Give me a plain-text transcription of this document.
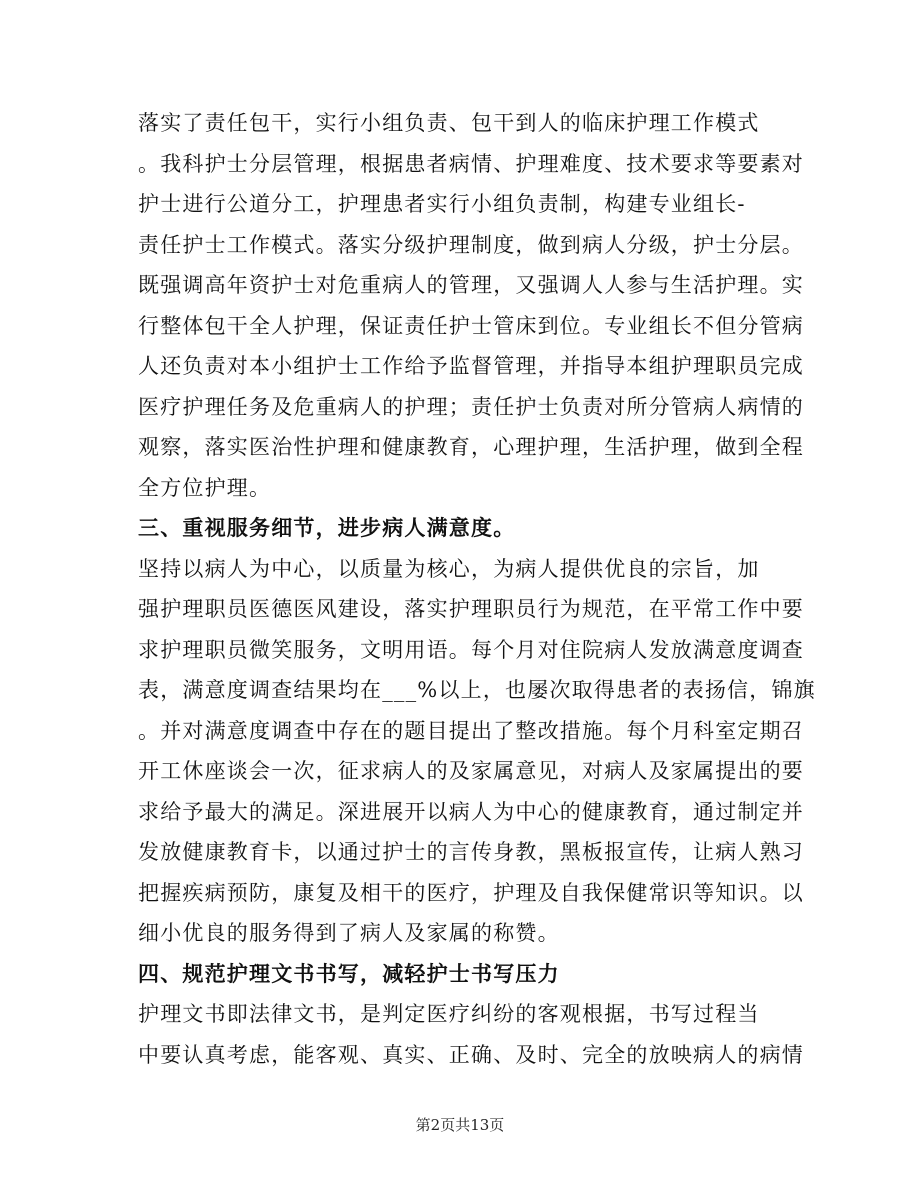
落实了责任包干，实行小组负责、包干到人的临床护理工作模式
。我科护士分层管理，根据患者病情、护理难度、技术要求等要素对
护士进行公道分工，护理患者实行小组负责制，构建专业组长-
责任护士工作模式。落实分级护理制度，做到病人分级，护士分层。
既强调高年资护士对危重病人的管理，又强调人人参与生活护理。实
行整体包干全人护理，保证责任护士管床到位。专业组长不但分管病
人还负责对本小组护士工作给予监督管理，并指导本组护理职员完成
医疗护理任务及危重病人的护理；责任护士负责对所分管病人病情的
观察，落实医治性护理和健康教育，心理护理，生活护理，做到全程
全方位护理。
三、重视服务细节，进步病人满意度。
坚持以病人为中心，以质量为核心，为病人提供优良的宗旨，加
强护理职员医德医风建设，落实护理职员行为规范，在平常工作中要
求护理职员微笑服务，文明用语。每个月对住院病人发放满意度调查
表，满意度调查结果均在___%以上，也屡次取得患者的表扬信，锦旗
。并对满意度调查中存在的题目提出了整改措施。每个月科室定期召
开工休座谈会一次，征求病人的及家属意见，对病人及家属提出的要
求给予最大的满足。深进展开以病人为中心的健康教育，通过制定并
发放健康教育卡，以通过护士的言传身教，黑板报宣传，让病人熟习
把握疾病预防，康复及相干的医疗，护理及自我保健常识等知识。以
细小优良的服务得到了病人及家属的称赞。
四、规范护理文书书写，减轻护士书写压力
护理文书即法律文书，是判定医疗纠纷的客观根据，书写过程当
中要认真考虑，能客观、真实、正确、及时、完全的放映病人的病情
第2页共13页
